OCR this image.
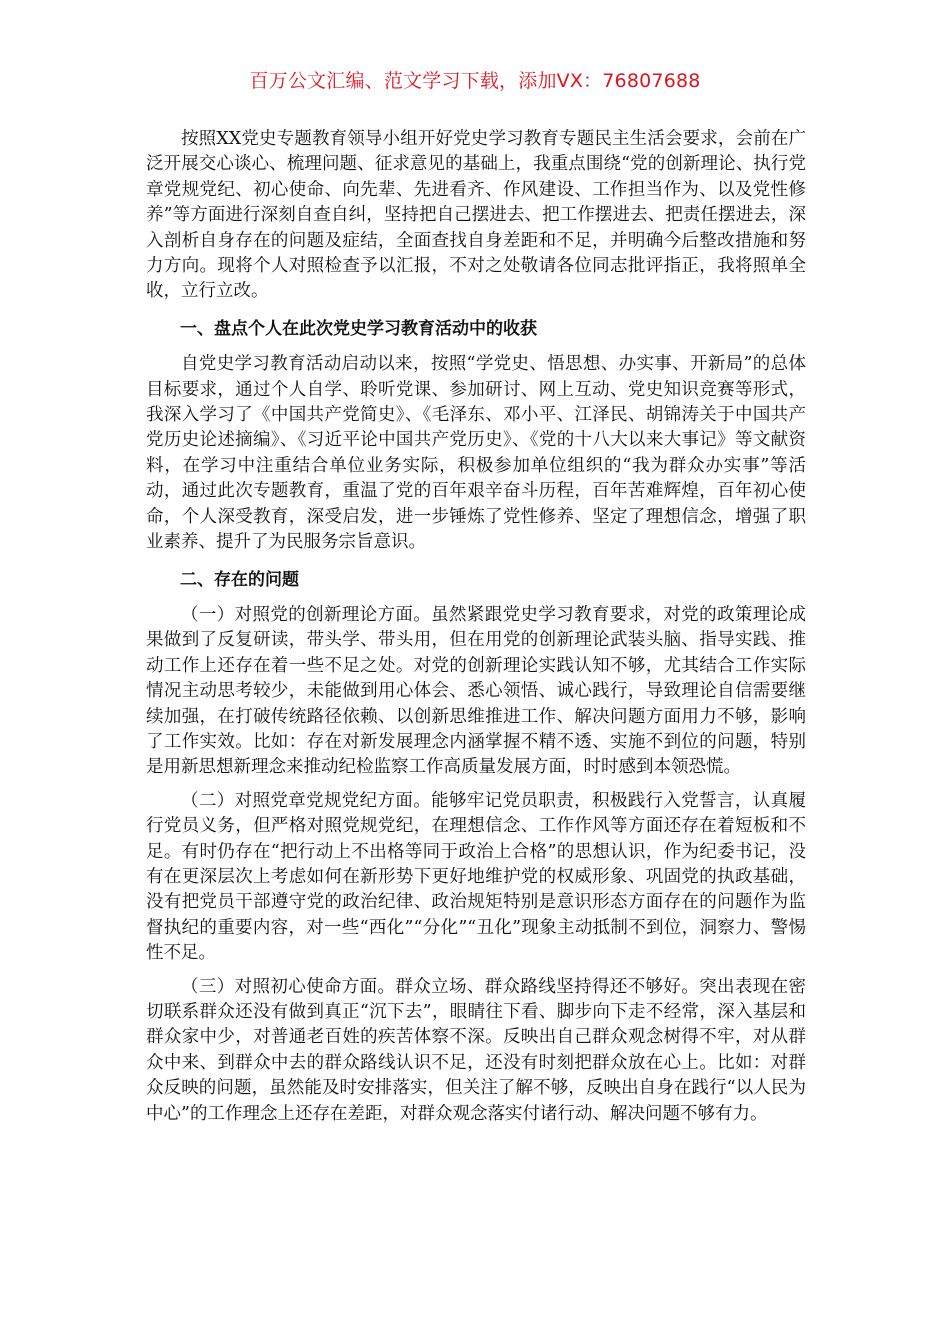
百万公文汇编、范文学习下载，添加VX：76807688

按照XX党史专题教育领导小组开好党史学习教育专题民主生活会要求，会前在广泛开展交心谈心、梳理问题、征求意见的基础上，我重点围绕“党的创新理论、执行党章党规党纪、初心使命、向先辈、先进看齐、作风建设、工作担当作为、以及党性修养”等方面进行深刻自查自纠，坚持把自己摆进去、把工作摆进去、把责任摆进去，深入剖析自身存在的问题及症结，全面查找自身差距和不足，并明确今后整改措施和努力方向。现将个人对照检查予以汇报，不对之处敬请各位同志批评指正，我将照单全收，立行立改。

一、盘点个人在此次党史学习教育活动中的收获

自党史学习教育活动启动以来，按照“学党史、悟思想、办实事、开新局”的总体目标要求，通过个人自学、聆听党课、参加研讨、网上互动、党史知识竞赛等形式，我深入学习了《中国共产党简史》、《毛泽东、邓小平、江泽民、胡锦涛关于中国共产党历史论述摘编》、《习近平论中国共产党历史》、《党的十八大以来大事记》等文献资料，在学习中注重结合单位业务实际，积极参加单位组织的“我为群众办实事”等活动，通过此次专题教育，重温了党的百年艰辛奋斗历程，百年苦难辉煌，百年初心使命，个人深受教育，深受启发，进一步锤炼了党性修养、坚定了理想信念，增强了职业素养、提升了为民服务宗旨意识。

二、存在的问题

（一）对照党的创新理论方面。虽然紧跟党史学习教育要求，对党的政策理论成果做到了反复研读，带头学、带头用，但在用党的创新理论武装头脑、指导实践、推动工作上还存在着一些不足之处。对党的创新理论实践认知不够，尤其结合工作实际情况主动思考较少，未能做到用心体会、悉心领悟、诚心践行，导致理论自信需要继续加强，在打破传统路径依赖、以创新思维推进工作、解决问题方面用力不够，影响了工作实效。比如：存在对新发展理念内涵掌握不精不透、实施不到位的问题，特别是用新思想新理念来推动纪检监察工作高质量发展方面，时时感到本领恐慌。

（二）对照党章党规党纪方面。能够牢记党员职责，积极践行入党誓言，认真履行党员义务，但严格对照党规党纪，在理想信念、工作作风等方面还存在着短板和不足。有时仍存在“把行动上不出格等同于政治上合格”的思想认识，作为纪委书记，没有在更深层次上考虑如何在新形势下更好地维护党的权威形象、巩固党的执政基础，没有把党员干部遵守党的政治纪律、政治规矩特别是意识形态方面存在的问题作为监督执纪的重要内容，对一些“西化”“分化”“丑化”现象主动抵制不到位，洞察力、警惕性不足。

（三）对照初心使命方面。群众立场、群众路线坚持得还不够好。突出表现在密切联系群众还没有做到真正“沉下去”，眼睛往下看、脚步向下走不经常，深入基层和群众家中少，对普通老百姓的疾苦体察不深。反映出自己群众观念树得不牢，对从群众中来、到群众中去的群众路线认识不足，还没有时刻把群众放在心上。比如：对群众反映的问题，虽然能及时安排落实，但关注了解不够，反映出自身在践行“以人民为中心”的工作理念上还存在差距，对群众观念落实付诸行动、解决问题不够有力。
